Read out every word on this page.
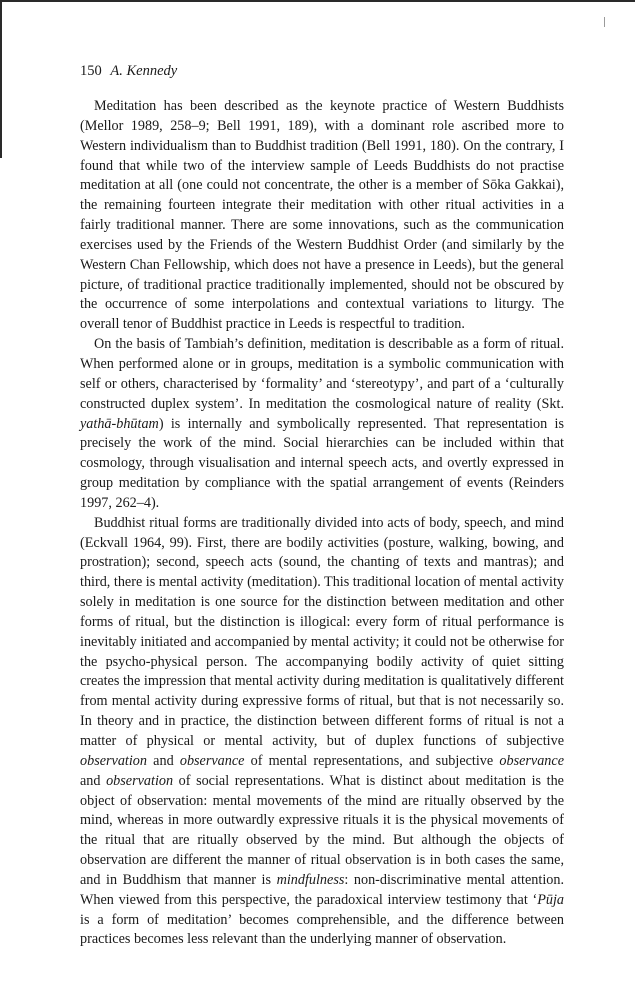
150 A. Kennedy

Meditation has been described as the keynote practice of Western Buddhists (Mellor 1989, 258–9; Bell 1991, 189), with a dominant role ascribed more to Western individualism than to Buddhist tradition (Bell 1991, 180). On the contrary, I found that while two of the interview sample of Leeds Buddhists do not practise meditation at all (one could not concentrate, the other is a member of Sōka Gakkai), the remaining fourteen integrate their meditation with other ritual activities in a fairly traditional manner. There are some innovations, such as the communication exercises used by the Friends of the Western Buddhist Order (and similarly by the Western Chan Fellowship, which does not have a presence in Leeds), but the general picture, of traditional practice traditionally implemented, should not be obscured by the occurrence of some interpolations and contextual variations to liturgy. The overall tenor of Buddhist practice in Leeds is respectful to tradition.

On the basis of Tambiah’s definition, meditation is describable as a form of ritual. When performed alone or in groups, meditation is a symbolic communication with self or others, characterised by ‘formality’ and ‘stereotypy’, and part of a ‘culturally constructed duplex system’. In meditation the cosmological nature of reality (Skt. yathā-bhūtam) is internally and symbolically represented. That representation is precisely the work of the mind. Social hierarchies can be included within that cosmology, through visualisation and internal speech acts, and overtly expressed in group meditation by compliance with the spatial arrangement of events (Reinders 1997, 262–4).

Buddhist ritual forms are traditionally divided into acts of body, speech, and mind (Eckvall 1964, 99). First, there are bodily activities (posture, walking, bowing, and prostration); second, speech acts (sound, the chanting of texts and mantras); and third, there is mental activity (meditation). This traditional location of mental activity solely in meditation is one source for the distinction between meditation and other forms of ritual, but the distinction is illogical: every form of ritual performance is inevitably initiated and accompanied by mental activity; it could not be otherwise for the psycho-physical person. The accompanying bodily activity of quiet sitting creates the impression that mental activity during meditation is qualitatively different from mental activity during expressive forms of ritual, but that is not necessarily so. In theory and in practice, the distinction between different forms of ritual is not a matter of physical or mental activity, but of duplex functions of subjective observation and observance of mental representations, and subjective observance and observation of social representations. What is distinct about meditation is the object of observation: mental movements of the mind are ritually observed by the mind, whereas in more outwardly expressive rituals it is the physical movements of the ritual that are ritually observed by the mind. But although the objects of observation are different the manner of ritual observation is in both cases the same, and in Buddhism that manner is mindfulness: non-discriminative mental attention. When viewed from this perspective, the paradoxical interview testimony that ‘Pūja is a form of meditation’ becomes comprehensible, and the difference between practices becomes less relevant than the underlying manner of observation.
